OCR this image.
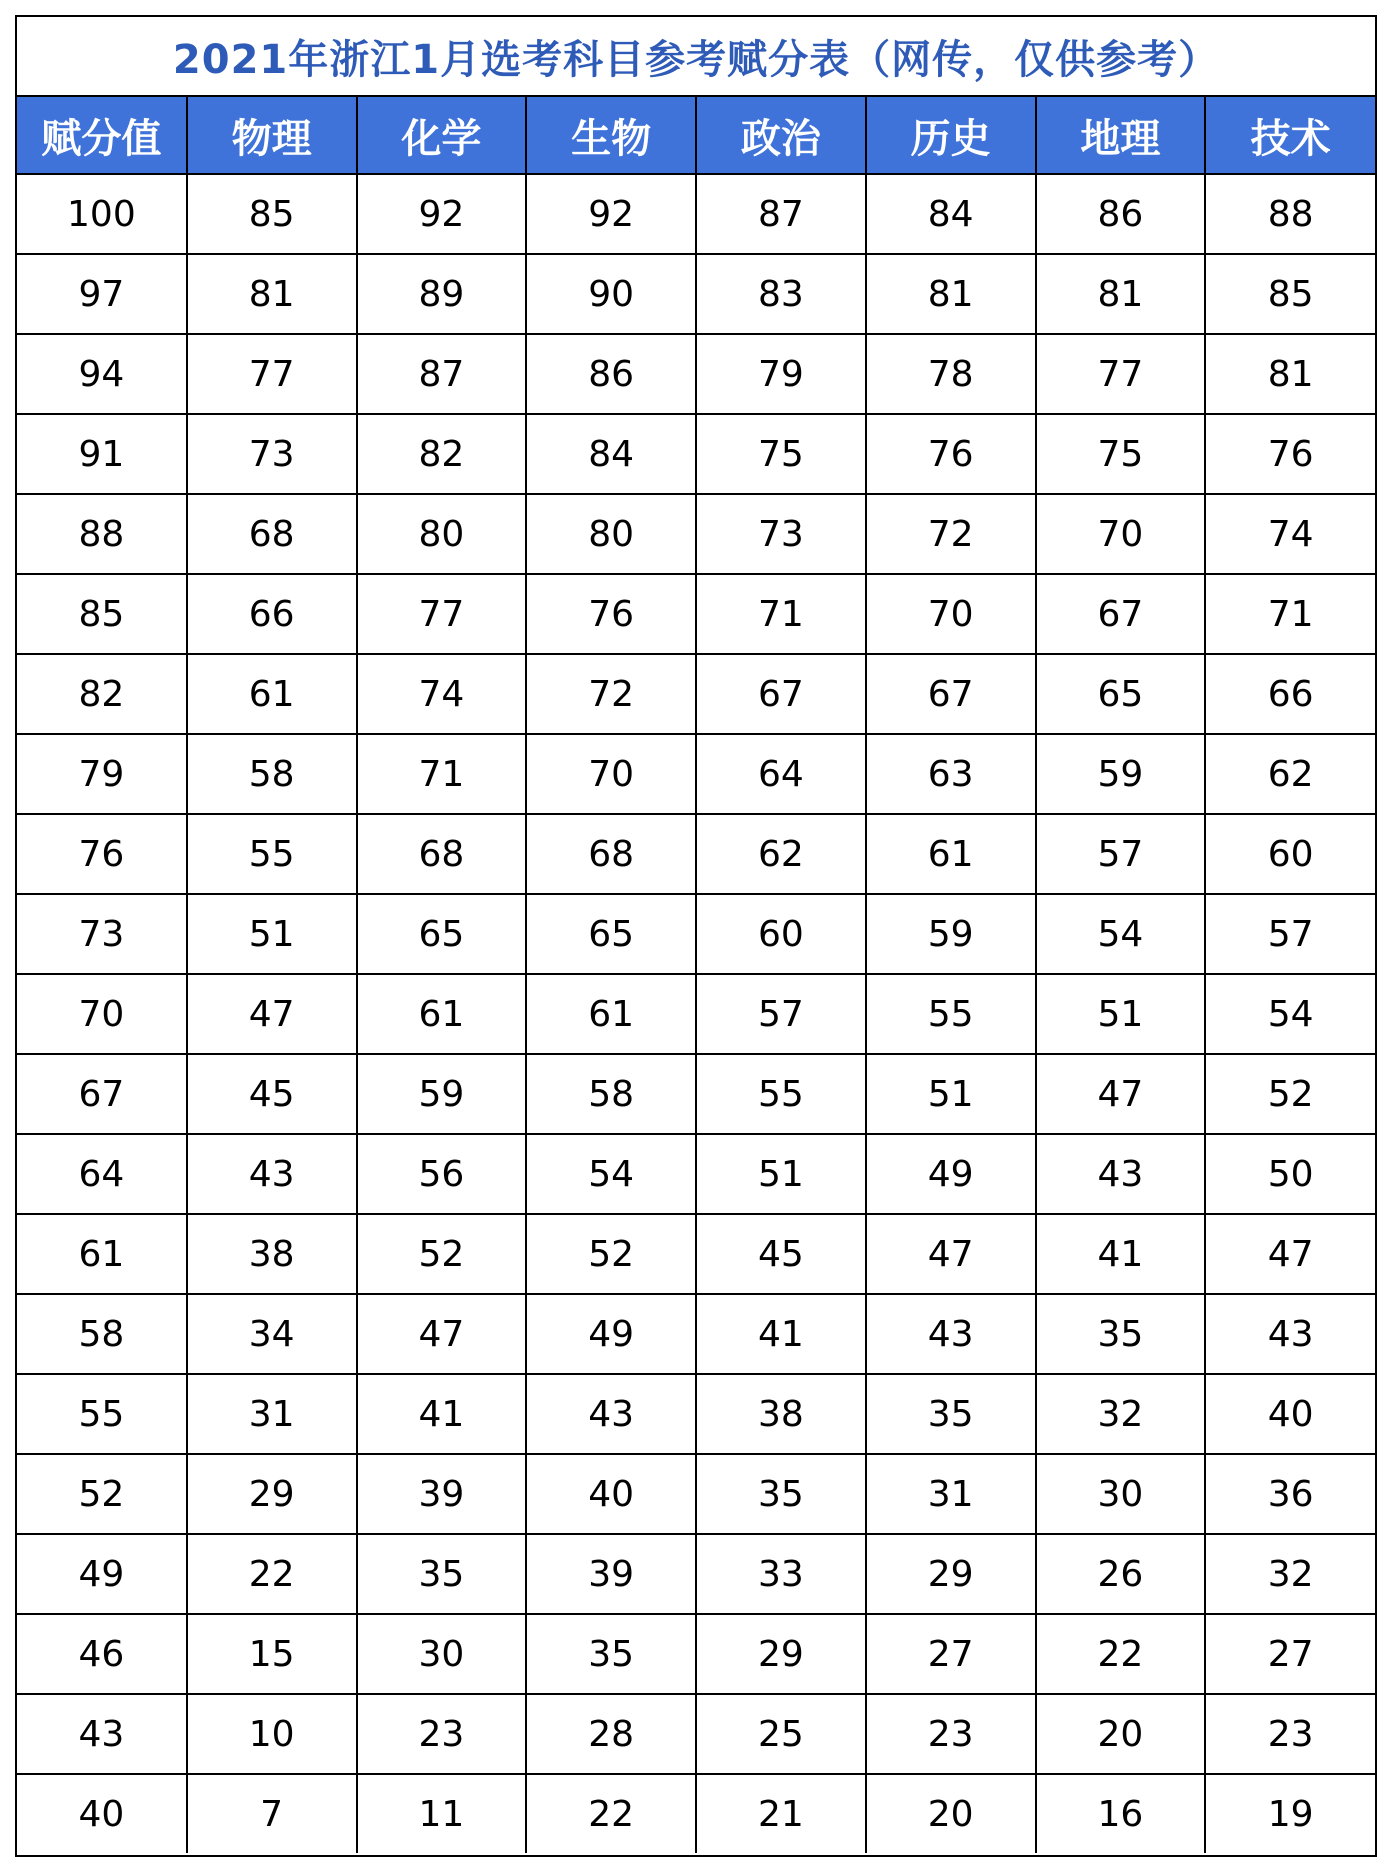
2021年浙江1月选考科目参考赋分表（网传，仅供参考）
赋分值	物理	化学	生物	政治	历史	地理	技术
100	85	92	92	87	84	86	88
97	81	89	90	83	81	81	85
94	77	87	86	79	78	77	81
91	73	82	84	75	76	75	76
88	68	80	80	73	72	70	74
85	66	77	76	71	70	67	71
82	61	74	72	67	67	65	66
79	58	71	70	64	63	59	62
76	55	68	68	62	61	57	60
73	51	65	65	60	59	54	57
70	47	61	61	57	55	51	54
67	45	59	58	55	51	47	52
64	43	56	54	51	49	43	50
61	38	52	52	45	47	41	47
58	34	47	49	41	43	35	43
55	31	41	43	38	35	32	40
52	29	39	40	35	31	30	36
49	22	35	39	33	29	26	32
46	15	30	35	29	27	22	27
43	10	23	28	25	23	20	23
40	7	11	22	21	20	16	19
